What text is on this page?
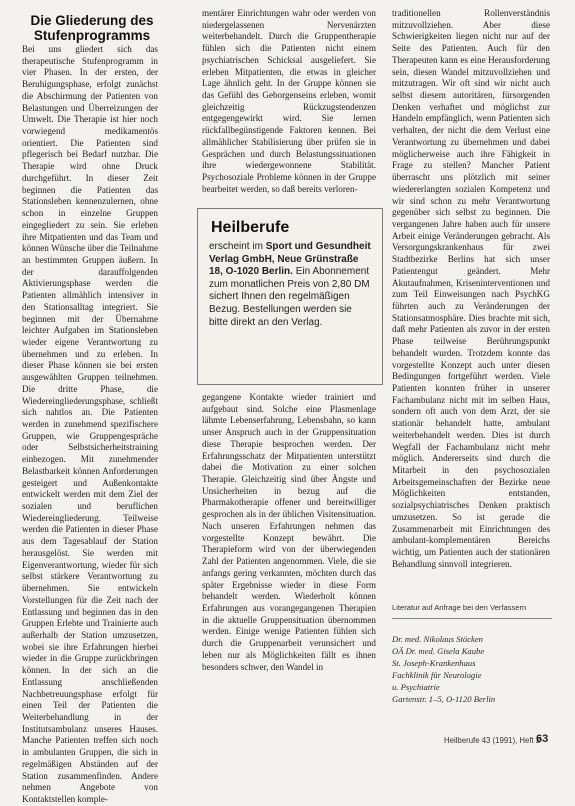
Die Gliederung des
Stufenprogramms

Bei uns gliedert sich das therapeutische Stufenprogramm in vier Phasen. In der ersten, der Beruhigungsphase, erfolgt zunächst die Abschirmung der Patienten von Belastungen und Überreizungen der Umwelt. Die Therapie ist hier noch vorwiegend medikamentös orientiert. Die Patienten sind pflegerisch bei Bedarf nutzbar. Die Therapie wird ohne Druck durchgeführt. In dieser Zeit beginnen die Patienten das Stationsleben kennenzulernen, ohne schon in einzelne Gruppen eingegliedert zu sein. Sie erleben ihre Mitpatienten und das Team und können Wünsche über die Teilnahme an bestimmten Gruppen äußern. In der darauffolgenden Aktivierungsphase werden die Patienten allmählich intensiver in den Stationsalltag integriert. Sie beginnen mit der Übernahme leichter Aufgaben im Stationsleben wieder eigene Verantwortung zu übernehmen und zu erleben. In dieser Phase können sie bei ersten ausgewählten Gruppen teilnehmen. Die dritte Phase, die Wiedereingliederungsphase, schließt sich nahtlos an. Die Patienten werden in zunehmend spezifischere Gruppen, wie Gruppengespräche oder Selbstsicherheitstraining einbezogen. Mit zunehmender Belastbarkeit können Anforderungen gesteigert und Außenkontakte entwickelt werden mit dem Ziel der sozialen und beruflichen Wiedereingliederung. Teilweise werden die Patienten in dieser Phase aus dem Tagesablauf der Station herausgelöst. Sie werden mit Eigenverantwortung, wieder für sich selbst stärkere Verantwortung zu übernehmen. Sie entwickeln Vorstellungen für die Zeit nach der Entlassung und beginnen das in den Gruppen Erlebte und Trainierte auch außerhalb der Station umzusetzen, wobei sie ihre Erfahrungen hierbei wieder in die Gruppe zurückbringen können. In der sich an die Entlassung anschließenden Nachbetreuungsphase erfolgt für einen Teil der Patienten die Weiterbehandlung in der Institutsambulanz unseres Hauses. Manche Patienten treffen sich noch in ambulanten Gruppen, die sich in regelmäßigen Abständen auf der Station zusammenfinden. Andere nehmen Angebote von Kontaktstellen komple-

mentärer Einrichtungen wahr oder werden von niedergelassenen Nervenärzten weiterbehandelt. Durch die Gruppentherapie fühlen sich die Patienten nicht einem psychiatrischen Schicksal ausgeliefert. Sie erleben Mitpatienten, die etwas in gleicher Lage ähnlich geht. In der Gruppe können sie das Gefühl des Geborgenseins erleben, womit gleichzeitig Rückzugstendenzen entgegengewirkt wird. Sie lernen rückfallbegünstigende Faktoren kennen. Bei allmählicher Stabilisierung über prüfen sie in Gesprächen und durch Belastungssituationen ihre wiedergewonnene Stabilität. Psychosoziale Probleme können in der Gruppe bearbeitet werden, so daß bereits verloren-

Heilberufe
erscheint im Sport und Gesundheit Verlag GmbH, Neue Grünstraße 18, O-1020 Berlin. Ein Abonnement zum monatlichen Preis von 2,80 DM sichert Ihnen den regelmäßigen Bezug. Bestellungen werden sie bitte direkt an den Verlag.

gegangene Kontakte wieder trainiert und aufgebaut sind. Solche eine Plasmenlage lähmte Lebenserfahrung, Lebensbahn, so kann unser Anspruch auch in der Gruppensituation diese Therapie besprochen werden. Der Erfahrungsschatz der Mitpatienten unterstützt dabei die Motivation zu einer solchen Therapie. Gleichzeitig sind über Ängste und Unsicherheiten in bezug auf die Pharmakotherapie offener und bereitwilliger gesprochen als in der üblichen Visitensituation. Nach unseren Erfahrungen nehmen das vorgestellte Konzept bewährt. Die Therapieform wird von der überwiegenden Zahl der Patienten angenommen. Viele, die sie anfangs gering verkannten, möchten durch das später Ergebnisse wieder in diese Form behandelt werden. Wiederholt können Erfahrungen aus vorangegangenen Therapien in die aktuelle Gruppensituation übernommen werden. Einige wenige Patienten fühlen sich durch die Gruppenarbeit verunsichert und leben nur als Möglichkeiten fällt es ihnen besonders schwer, den Wandel in

traditionellen Rollenverständnis mitzuvollziehen. Aber diese Schwierigkeiten liegen nicht nur auf der Seite des Patienten. Auch für den Therapeuten kann es eine Herausforderung sein, diesen Wandel mitzuvollziehen und mitzutragen. Wir oft sind wir nicht auch selbst diesem autoritären, fürsorgenden Denken verhaftet und möglichst zur Handeln empfänglich, wenn Patienten sich verhalten, der nicht die dem Verlust eine Verantwortung zu übernehmen und dabei möglicherweise auch ihre Fähigkeit in Frage zu stellen? Mancher Patient überrascht uns plötzlich mit seiner wiedererlangten sozialen Kompetenz und wir sind schon zu mehr Verantwortung gegenüber sich selbst zu beginnen. Die vergangenen Jahre haben auch für unsere Arbeit einige Veränderungen gebracht. Als Versorgungskrankenhaus für zwei Stadtbezirke Berlins hat sich unser Patientengut geändert. Mehr Akutaufnahmen, Kriseninterventionen und zum Teil Einweisungen nach PsychKG führten auch zu Veränderungen der Stationsatmosphäre. Dies brachte mit sich, daß mehr Patienten als zuvor in der ersten Phase teilweise Berührungspunkt behandelt wurden. Trotzdem konnte das vorgestellte Konzept auch unter diesen Bedingungen fortgeführt werden. Viele Patienten konnten früher in unserer Fachambulanz nicht mit im selben Haus, sondern oft auch von dem Arzt, der sie stationär behandelt hatte, ambulant weiterbehandelt werden. Dies ist durch Wegfall der Fachambulanz nicht mehr möglich. Andererseits sind durch die Mitarbeit in den psychosozialen Arbeitsgemeinschaften der Bezirke neue Möglichkeiten entstanden, sozialpsychiatrisches Denken praktisch umzusetzen. So ist gerade die Zusammenarbeit mit Einrichtungen des ambulant-komplementären Bereichs wichtig, um Patienten auch der stationären Behandlung sinnvoll integrieren.

Literatur auf Anfrage bei den Verfassern
Dr. med. Nikolaus Stöcken
OÄ Dr. med. Gisela Kaube
St. Joseph-Krankenhaus
Fachklinik für Neurologie
u. Psychiatrie
Gartenstr. 1–5, O-1120 Berlin
Heilberufe 43 (1991), Heft 2
63
